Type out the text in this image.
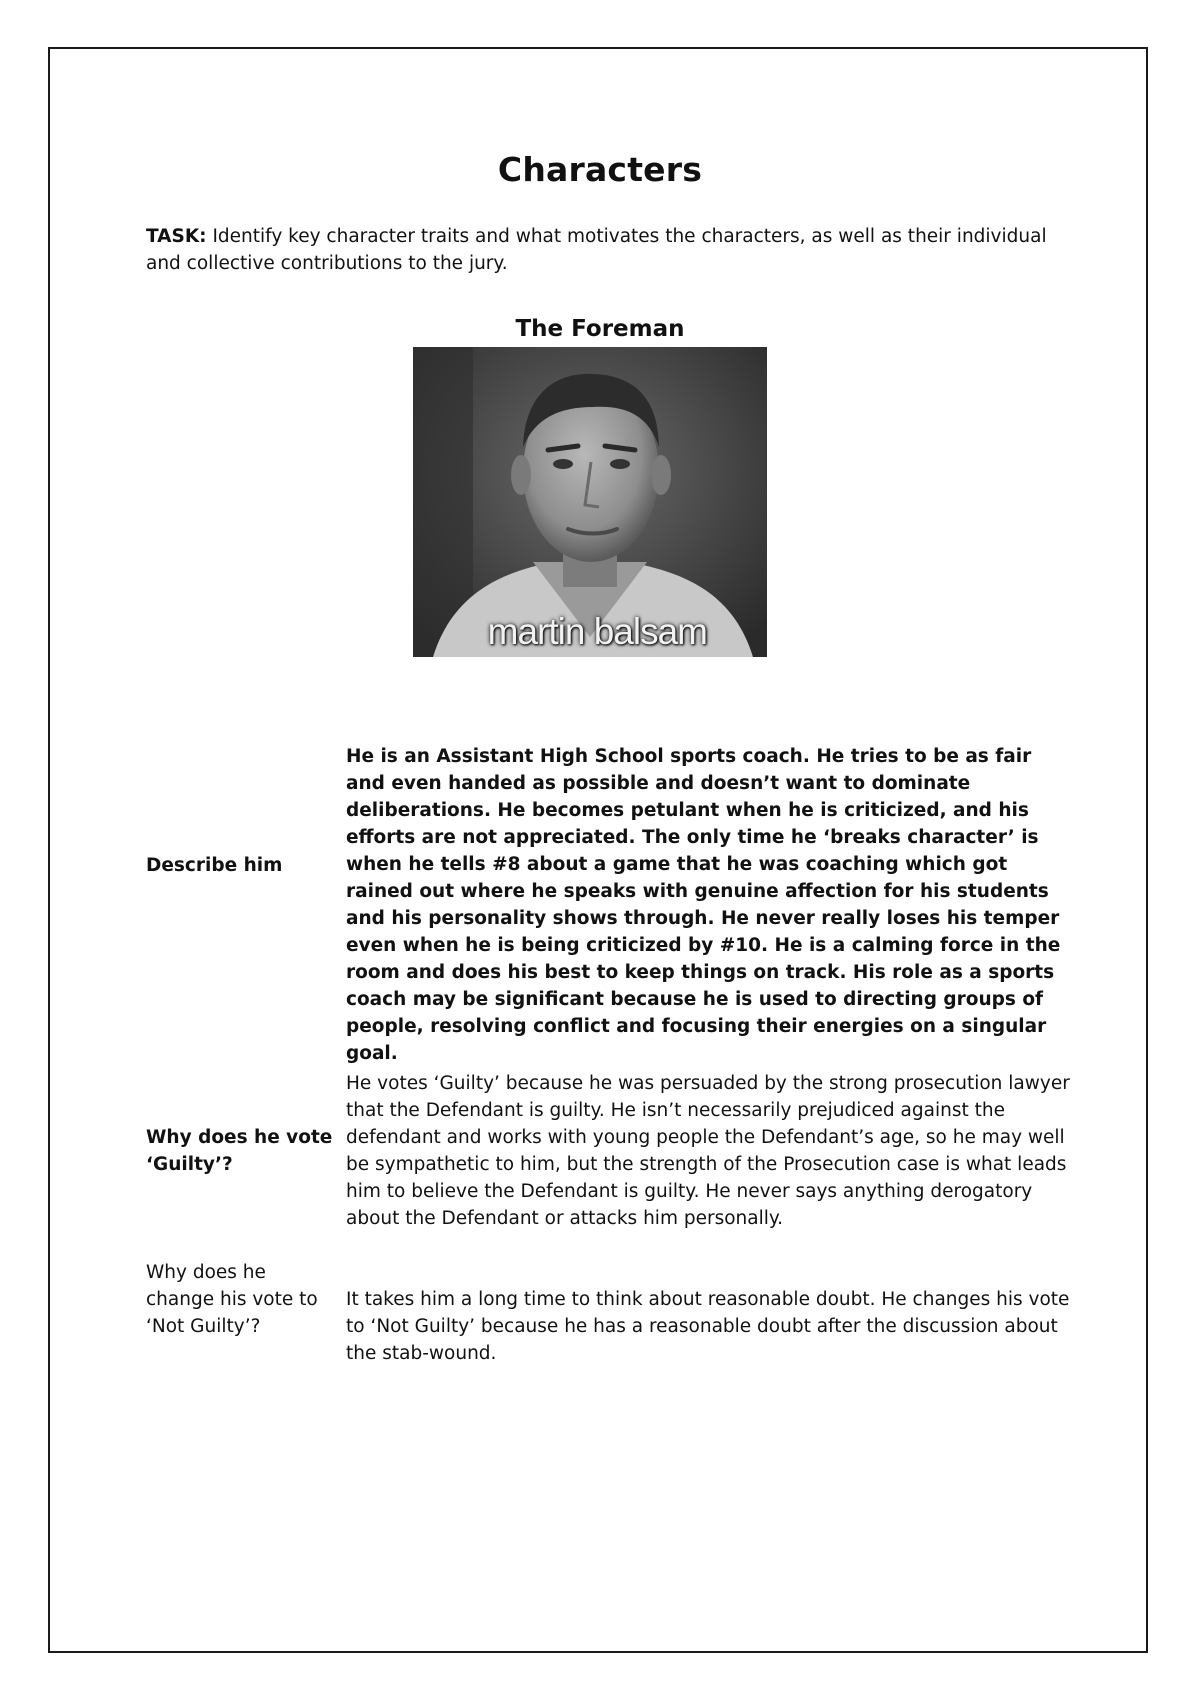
Characters
TASK: Identify key character traits and what motivates the characters, as well as their individual and collective contributions to the jury.
The Foreman
martin balsam
Describe him
He is an Assistant High School sports coach. He tries to be as fair and even handed as possible and doesn’t want to dominate deliberations. He becomes petulant when he is criticized, and his efforts are not appreciated. The only time he ‘breaks character’ is when he tells #8 about a game that he was coaching which got rained out where he speaks with genuine affection for his students and his personality shows through. He never really loses his temper even when he is being criticized by #10. He is a calming force in the room and does his best to keep things on track. His role as a sports coach may be significant because he is used to directing groups of people, resolving conflict and focusing their energies on a singular goal.
Why does he vote ‘Guilty’?
He votes ‘Guilty’ because he was persuaded by the strong prosecution lawyer that the Defendant is guilty. He isn’t necessarily prejudiced against the defendant and works with young people the Defendant’s age, so he may well be sympathetic to him, but the strength of the Prosecution case is what leads him to believe the Defendant is guilty. He never says anything derogatory about the Defendant or attacks him personally.
Why does he change his vote to ‘Not Guilty’?
It takes him a long time to think about reasonable doubt. He changes his vote to ‘Not Guilty’ because he has a reasonable doubt after the discussion about the stab-wound.
